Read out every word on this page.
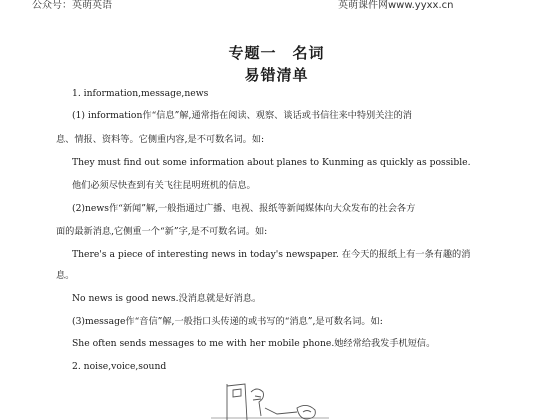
公众号：英萌英语	英萌课件网www.yyxx.cn
专题一　名词
易错清单
1. information,message,news
(1) information作“信息”解,通常指在阅读、观察、谈话或书信往来中特别关注的消
息、情报、资料等。它侧重内容,是不可数名词。如:
They must find out some information about planes to Kunming as quickly as possible.
他们必须尽快查到有关飞往昆明班机的信息。
(2)news作“新闻”解,一般指通过广播、电视、报纸等新闻媒体向大众发布的社会各方
面的最新消息,它侧重一个“新”字,是不可数名词。如:
There's a piece of interesting news in today's newspaper. 在今天的报纸上有一条有趣的消
息。
No news is good news.没消息就是好消息。
(3)message作“音信”解,一般指口头传递的或书写的“消息”,是可数名词。如:
She often sends messages to me with her mobile phone.她经常给我发手机短信。
2. noise,voice,sound
